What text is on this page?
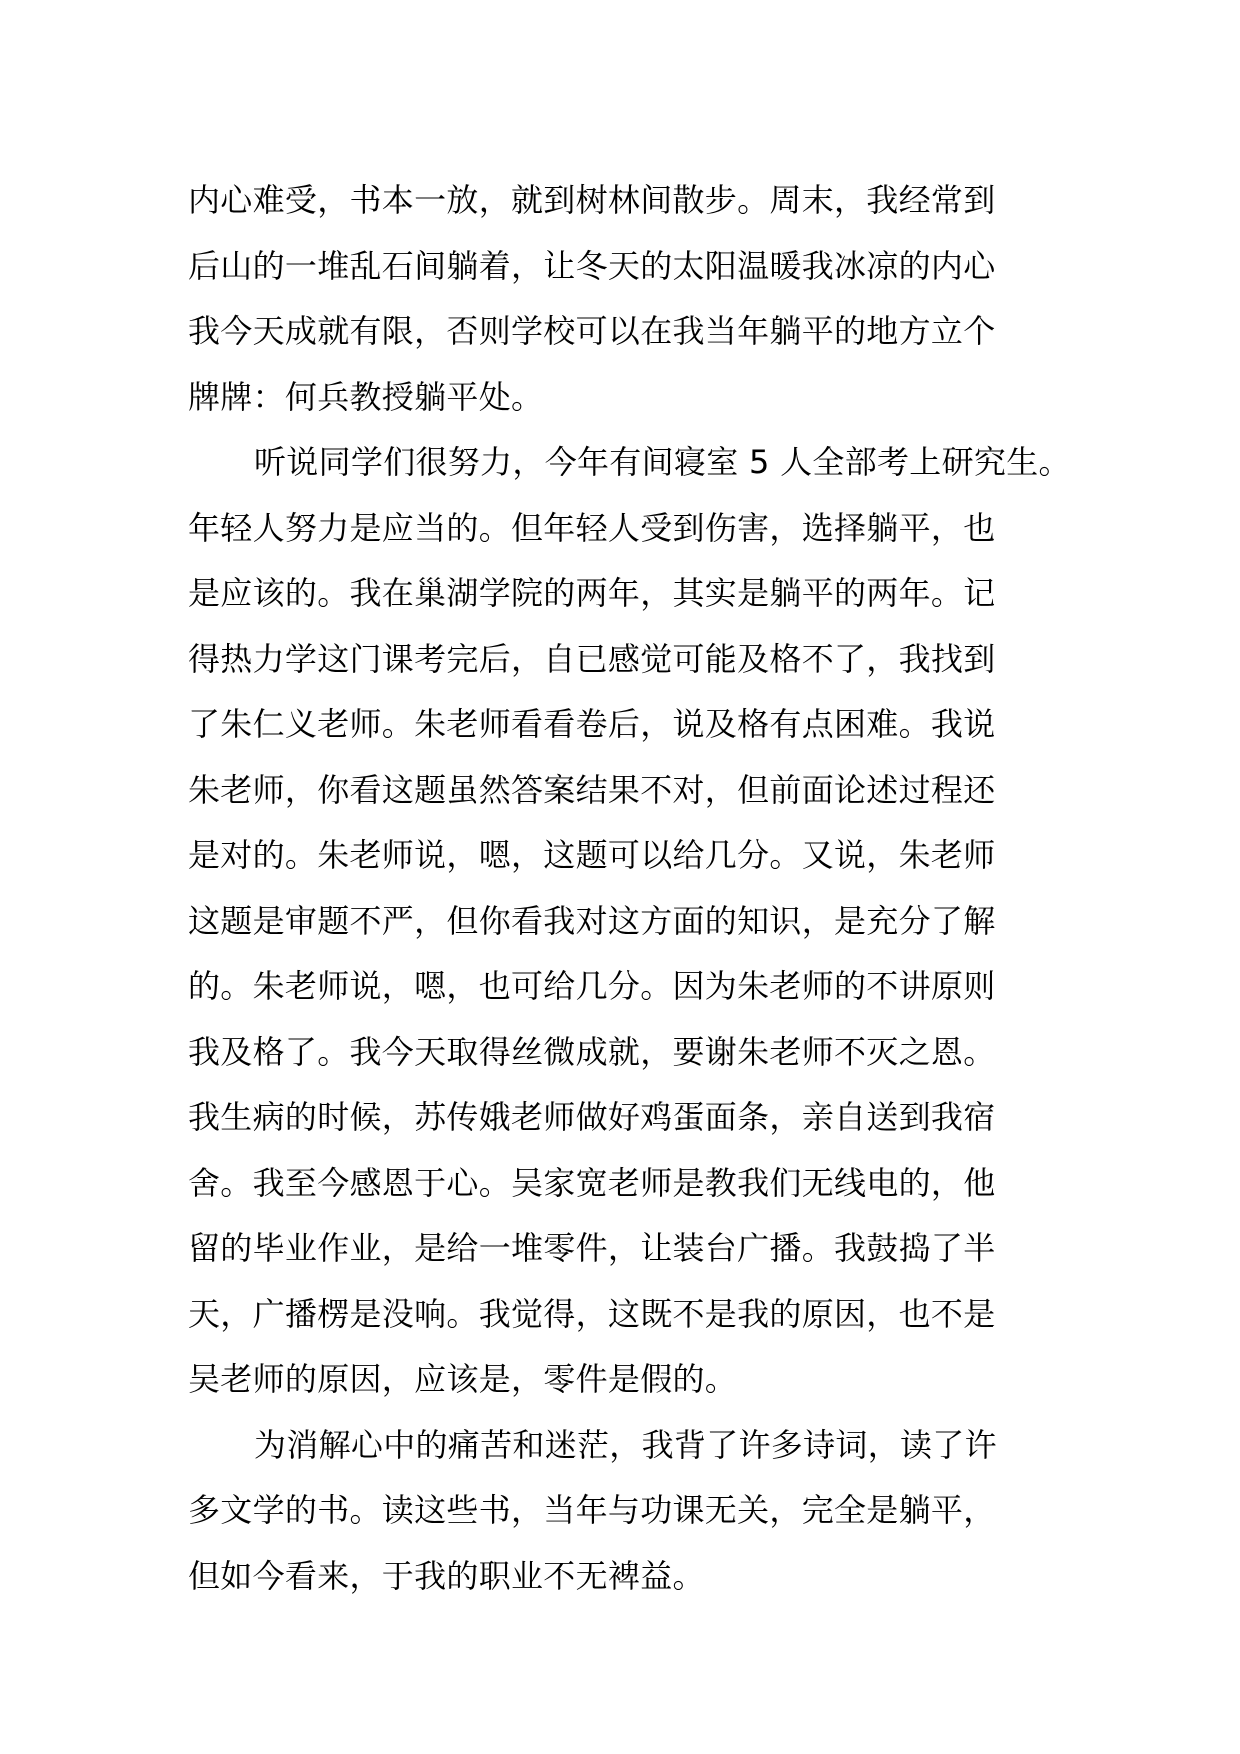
内心难受，书本一放，就到树林间散步。周末，我经常到
后山的一堆乱石间躺着，让冬天的太阳温暖我冰凉的内心
我今天成就有限，否则学校可以在我当年躺平的地方立个
牌牌：何兵教授躺平处。
听说同学们很努力，今年有间寝室 5 人全部考上研究生。
年轻人努力是应当的。但年轻人受到伤害，选择躺平，也
是应该的。我在巢湖学院的两年，其实是躺平的两年。记
得热力学这门课考完后，自已感觉可能及格不了，我找到
了朱仁义老师。朱老师看看卷后，说及格有点困难。我说
朱老师，你看这题虽然答案结果不对，但前面论述过程还
是对的。朱老师说，嗯，这题可以给几分。又说，朱老师
这题是审题不严，但你看我对这方面的知识，是充分了解
的。朱老师说，嗯，也可给几分。因为朱老师的不讲原则
我及格了。我今天取得丝微成就，要谢朱老师不灭之恩。
我生病的时候，苏传娥老师做好鸡蛋面条，亲自送到我宿
舍。我至今感恩于心。吴家宽老师是教我们无线电的，他
留的毕业作业，是给一堆零件，让装台广播。我鼓捣了半
天，广播楞是没响。我觉得，这既不是我的原因，也不是
吴老师的原因，应该是，零件是假的。
为消解心中的痛苦和迷茫，我背了许多诗词，读了许
多文学的书。读这些书，当年与功课无关，完全是躺平，
但如今看来，于我的职业不无裨益。
